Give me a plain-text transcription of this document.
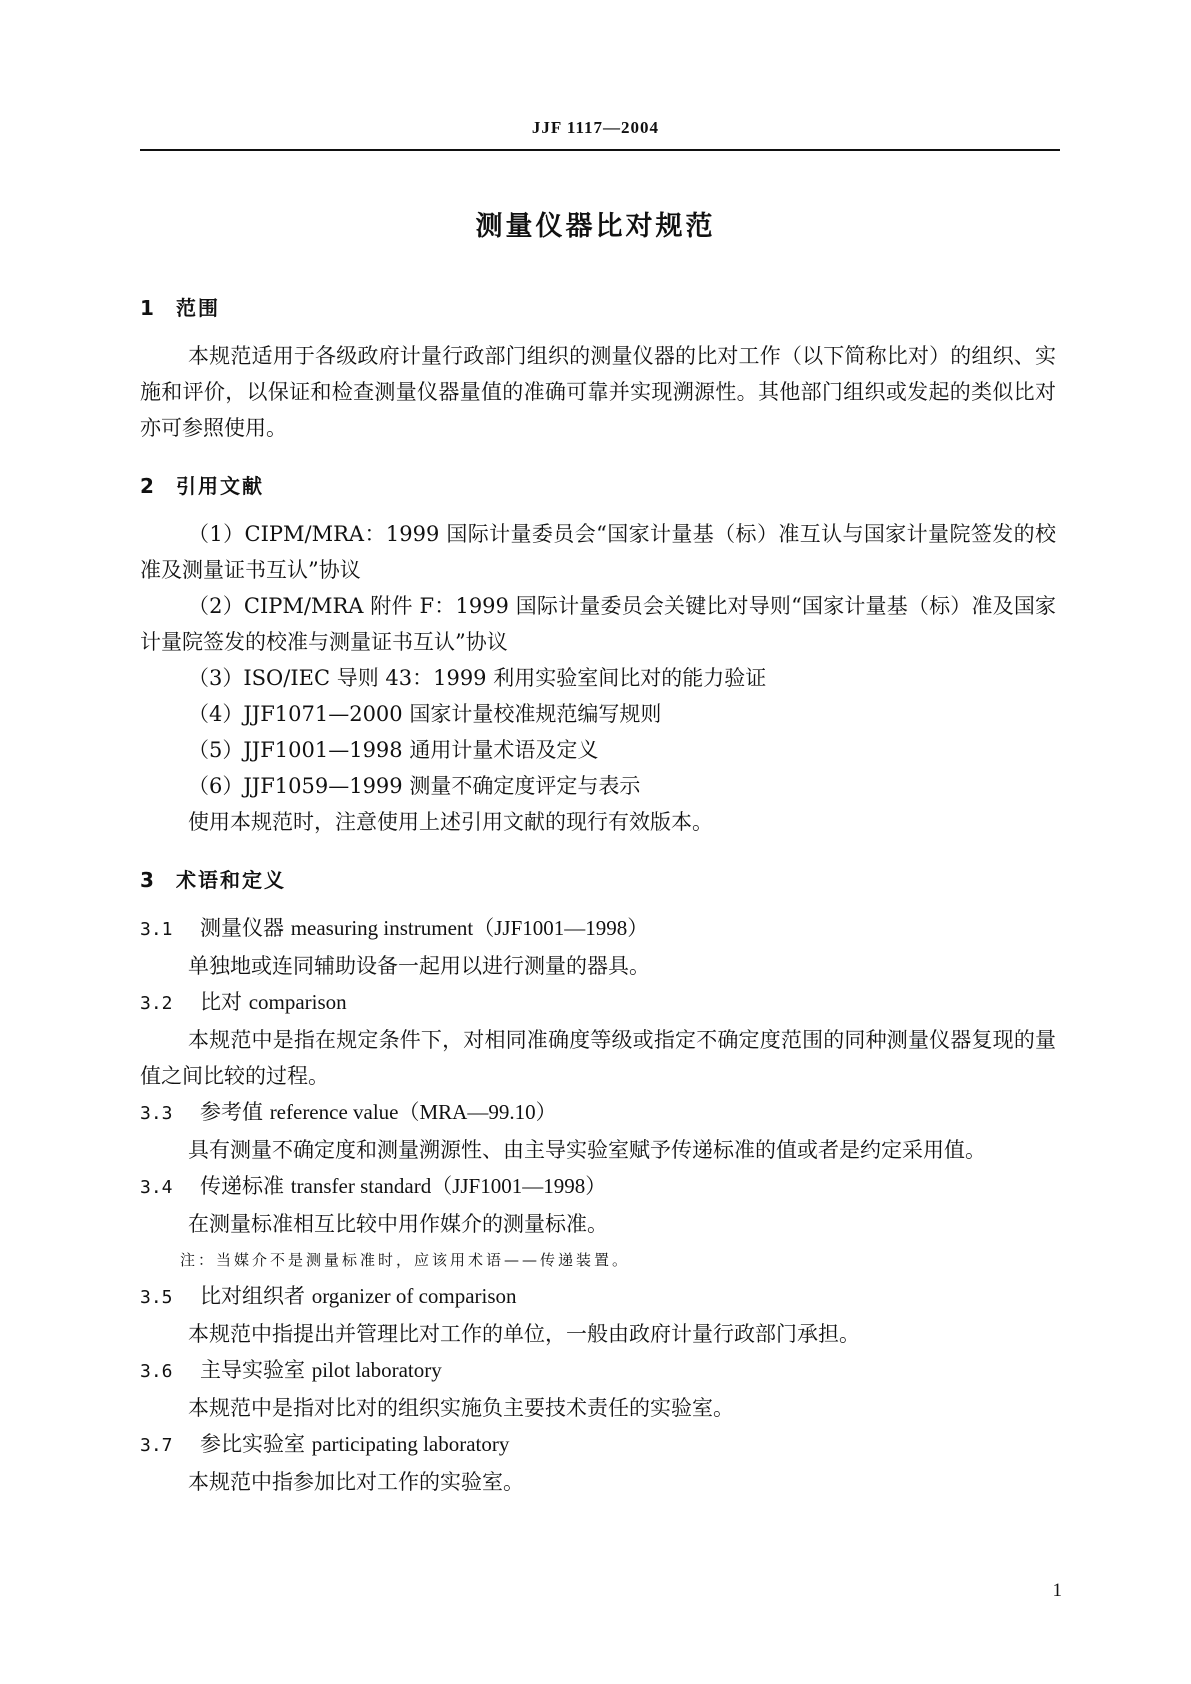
JJF 1117—2004
测量仪器比对规范
1 范围

本规范适用于各级政府计量行政部门组织的测量仪器的比对工作（以下简称比对）的组织、实施和评价，以保证和检查测量仪器量值的准确可靠并实现溯源性。其他部门组织或发起的类似比对亦可参照使用。

2 引用文献

（1）CIPM/MRA：1999 国际计量委员会“国家计量基（标）准互认与国家计量院签发的校准及测量证书互认”协议

（2）CIPM/MRA 附件 F：1999 国际计量委员会关键比对导则“国家计量基（标）准及国家计量院签发的校准与测量证书互认”协议

（3）ISO/IEC 导则 43：1999 利用实验室间比对的能力验证

（4）JJF1071—2000 国家计量校准规范编写规则

（5）JJF1001—1998 通用计量术语及定义

（6）JJF1059—1999 测量不确定度评定与表示

使用本规范时，注意使用上述引用文献的现行有效版本。

3 术语和定义

3.1 测量仪器 measuring instrument（JJF1001—1998）

单独地或连同辅助设备一起用以进行测量的器具。

3.2 比对 comparison

本规范中是指在规定条件下，对相同准确度等级或指定不确定度范围的同种测量仪器复现的量值之间比较的过程。

3.3 参考值 reference value（MRA—99.10）

具有测量不确定度和测量溯源性、由主导实验室赋予传递标准的值或者是约定采用值。

3.4 传递标准 transfer standard（JJF1001—1998）

在测量标准相互比较中用作媒介的测量标准。

注：当媒介不是测量标准时，应该用术语——传递装置。

3.5 比对组织者 organizer of comparison

本规范中指提出并管理比对工作的单位，一般由政府计量行政部门承担。

3.6 主导实验室 pilot laboratory

本规范中是指对比对的组织实施负主要技术责任的实验室。

3.7 参比实验室 participating laboratory

本规范中指参加比对工作的实验室。

1
